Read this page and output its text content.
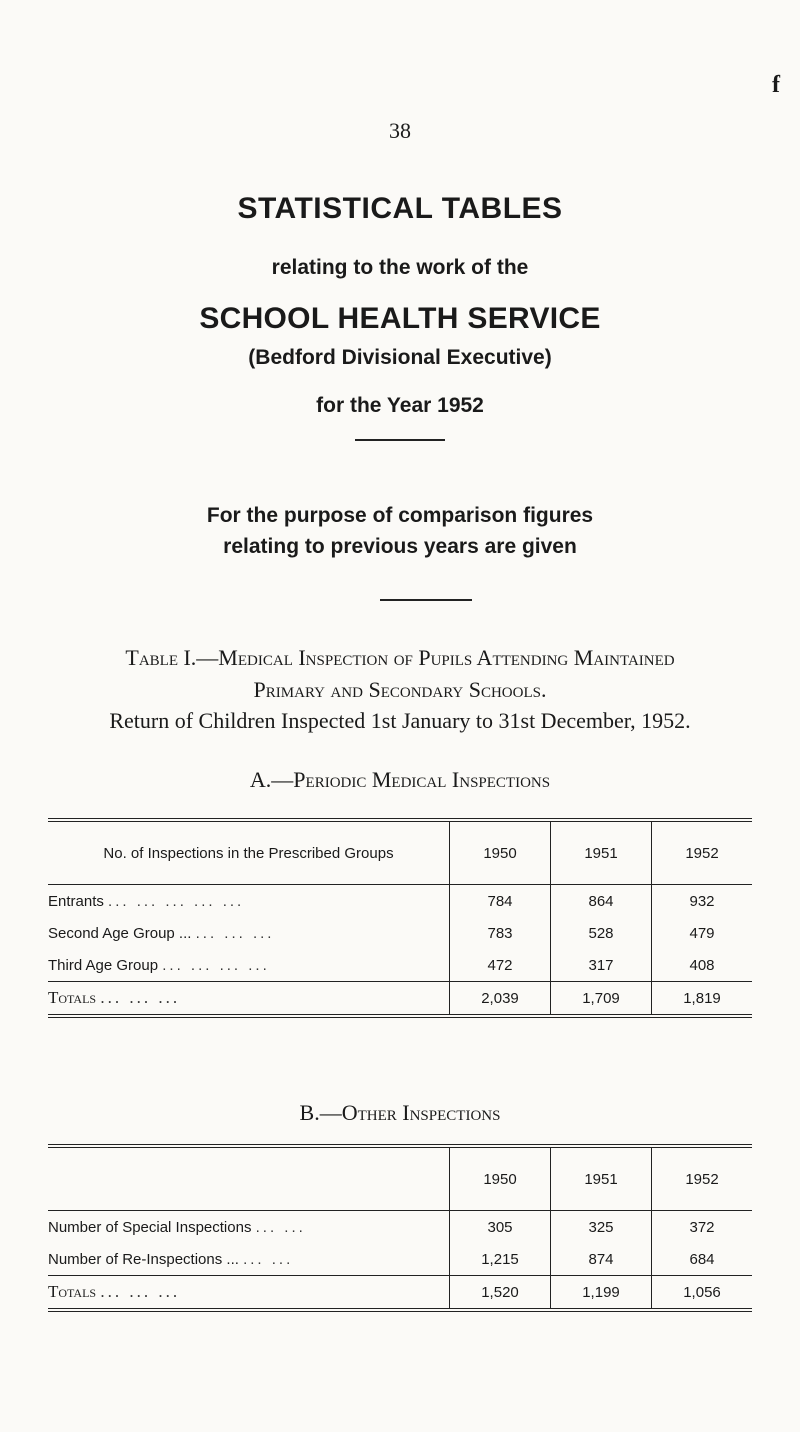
f
38
STATISTICAL TABLES
relating to the work of the
SCHOOL HEALTH SERVICE
(Bedford Divisional Executive)
for the Year 1952
For the purpose of comparison figures
relating to previous years are given
Table I.—Medical Inspection of Pupils Attending Maintained
Primary and Secondary Schools.
Return of Children Inspected 1st January to 31st December, 1952.
A.—Periodic Medical Inspections
No. of Inspections in the Prescribed Groups	1950	1951	1952
Entrants ... ... ... ... ...	784	864	932
Second Age Group ... ... ... ...	783	528	479
Third Age Group ... ... ... ...	472	317	408
Totals ... ... ...	2,039	1,709	1,819
B.—Other Inspections
	1950	1951	1952
Number of Special Inspections ... ...	305	325	372
Number of Re-Inspections ... ... ...	1,215	874	684
Totals ... ... ...	1,520	1,199	1,056
